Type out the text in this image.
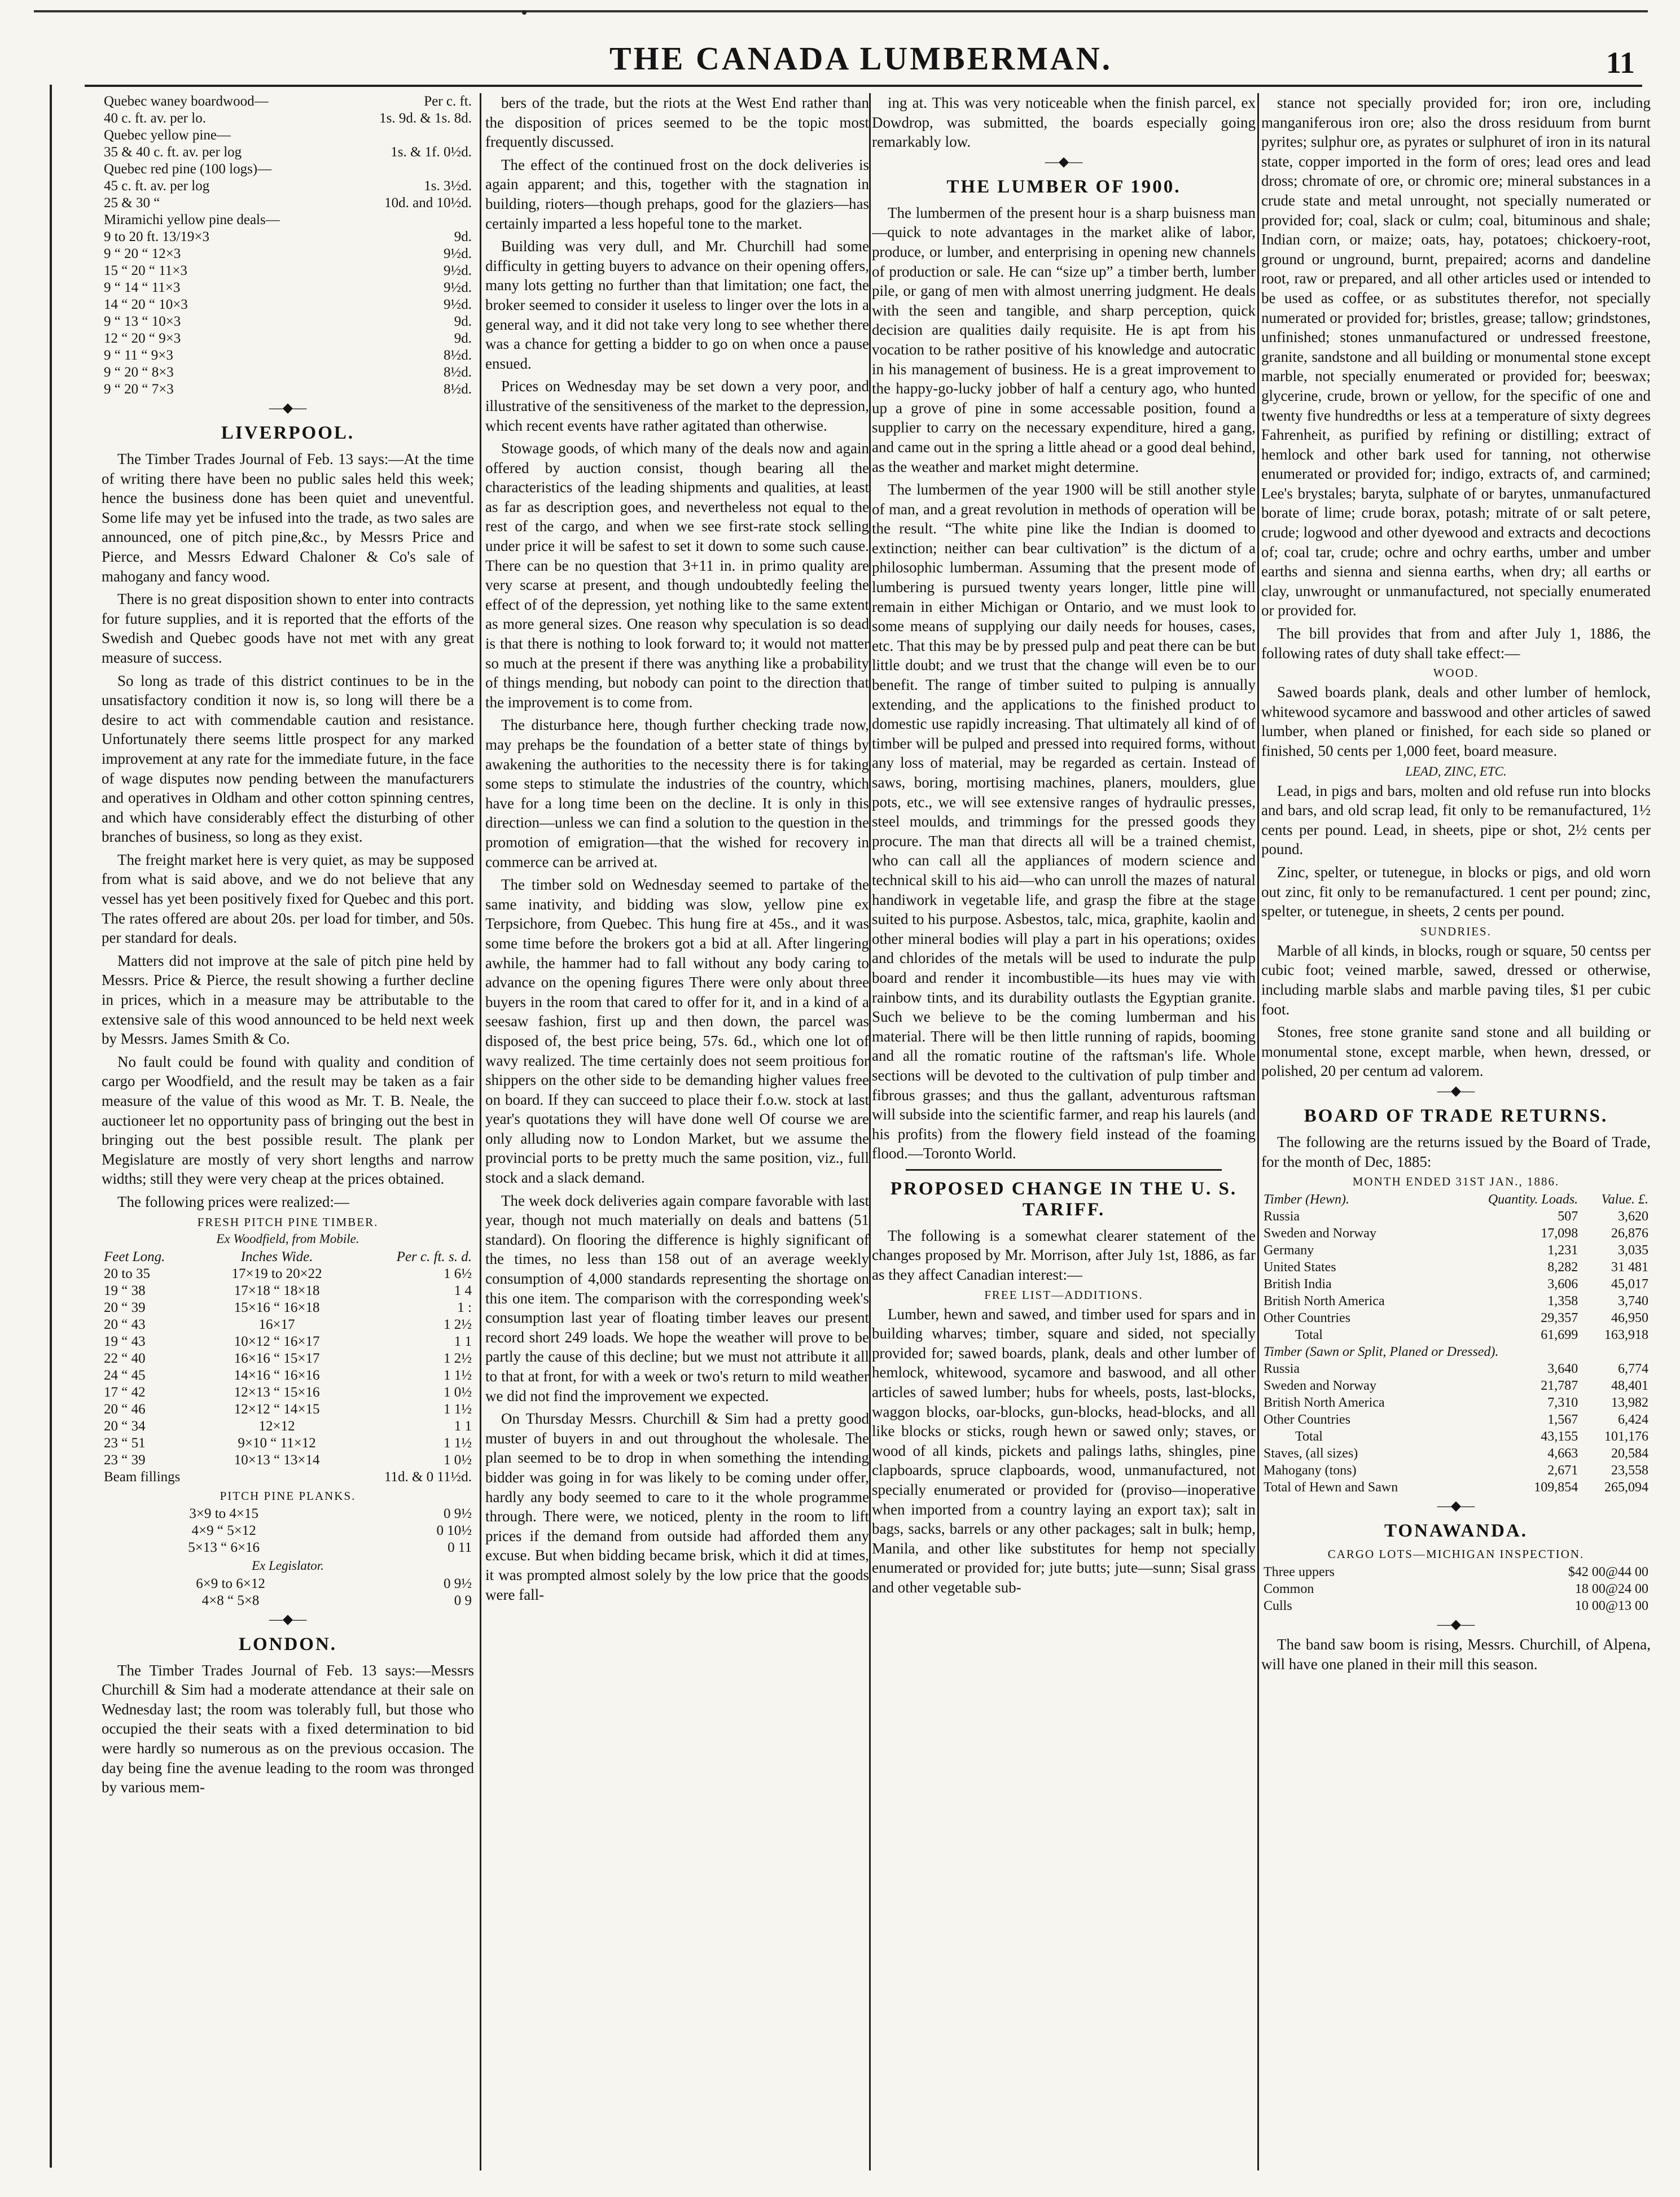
THE CANADA LUMBERMAN.	11
Quebec waney boardwood—	Per c. ft.
40 c. ft. av. per lo.	1s. 9d. & 1s. 8d.
Quebec yellow pine—	
35 & 40 c. ft. av. per log	1s. & 1f. 0½d.
Quebec red pine (100 logs)—	
45 c. ft. av. per log	1s. 3½d.
25 & 30 “	10d. and 10½d.
Miramichi yellow pine deals—	
9 to 20 ft. 13/19×3	9d.
9 “ 20 “ 12×3	9½d.
15 “ 20 “ 11×3	9½d.
9 “ 14 “ 11×3	9½d.
14 “ 20 “ 10×3	9½d.
9 “ 13 “ 10×3	9d.
12 “ 20 “ 9×3	9d.
9 “ 11 “ 9×3	8½d.
9 “ 20 “ 8×3	8½d.
9 “ 20 “ 7×3	8½d.
—◆—
LIVERPOOL.

The Timber Trades Journal of Feb. 13 says:—At the time of writing there have been no public sales held this week; hence the business done has been quiet and uneventful. Some life may yet be infused into the trade, as two sales are announced, one of pitch pine,&c., by Messrs Price and Pierce, and Messrs Edward Chaloner & Co's sale of mahogany and fancy wood.

There is no great disposition shown to enter into contracts for future supplies, and it is reported that the efforts of the Swedish and Quebec goods have not met with any great measure of success.

So long as trade of this district continues to be in the unsatisfactory condition it now is, so long will there be a desire to act with commendable caution and resistance. Unfortunately there seems little prospect for any marked improvement at any rate for the immediate future, in the face of wage disputes now pending between the manufacturers and operatives in Oldham and other cotton spinning centres, and which have considerably effect the disturbing of other branches of business, so long as they exist.

The freight market here is very quiet, as may be supposed from what is said above, and we do not believe that any vessel has yet been positively fixed for Quebec and this port. The rates offered are about 20s. per load for timber, and 50s. per standard for deals.

Matters did not improve at the sale of pitch pine held by Messrs. Price & Pierce, the result showing a further decline in prices, which in a measure may be attributable to the extensive sale of this wood announced to be held next week by Messrs. James Smith & Co.

No fault could be found with quality and condition of cargo per Woodfield, and the result may be taken as a fair measure of the value of this wood as Mr. T. B. Neale, the auctioneer let no opportunity pass of bringing out the best in bringing out the best possible result. The plank per Megislature are mostly of very short lengths and narrow widths; still they were very cheap at the prices obtained.

The following prices were realized:—

FRESH PITCH PINE TIMBER.
Ex Woodfield, from Mobile.
Feet Long.	Inches Wide.	Per c. ft. s. d.
20 to 35	17×19 to 20×22	1 6½
19 “ 38	17×18 “ 18×18	1 4
20 “ 39	15×16 “ 16×18	1 :
20 “ 43	16×17	1 2½
19 “ 43	10×12 “ 16×17	1 1
22 “ 40	16×16 “ 15×17	1 2½
24 “ 45	14×16 “ 16×16	1 1½
17 “ 42	12×13 “ 15×16	1 0½
20 “ 46	12×12 “ 14×15	1 1½
20 “ 34	12×12	1 1
23 “ 51	9×10 “ 11×12	1 1½
23 “ 39	10×13 “ 13×14	1 0½
Beam fillings	11d. & 0 11½d.
PITCH PINE PLANKS.
3×9 to 4×15	0 9½
4×9 “ 5×12	0 10½
5×13 “ 6×16	0 11
Ex Legislator.
6×9 to 6×12	0 9½
4×8 “ 5×8	0 9
—◆—
LONDON.

The Timber Trades Journal of Feb. 13 says:—Messrs Churchill & Sim had a moderate attendance at their sale on Wednesday last; the room was tolerably full, but those who occupied the their seats with a fixed determination to bid were hardly so numerous as on the previous occasion. The day being fine the avenue leading to the room was thronged by various mem-

bers of the trade, but the riots at the West End rather than the disposition of prices seemed to be the topic most frequently discussed.

The effect of the continued frost on the dock deliveries is again apparent; and this, together with the stagnation in building, rioters—though prehaps, good for the glaziers—has certainly imparted a less hopeful tone to the market.

Building was very dull, and Mr. Churchill had some difficulty in getting buyers to advance on their opening offers, many lots getting no further than that limitation; one fact, the broker seemed to consider it useless to linger over the lots in a general way, and it did not take very long to see whether there was a chance for getting a bidder to go on when once a pause ensued.

Prices on Wednesday may be set down a very poor, and illustrative of the sensitiveness of the market to the depression, which recent events have rather agitated than otherwise.

Stowage goods, of which many of the deals now and again offered by auction consist, though bearing all the characteristics of the leading shipments and qualities, at least as far as description goes, and nevertheless not equal to the rest of the cargo, and when we see first-rate stock selling under price it will be safest to set it down to some such cause. There can be no question that 3+11 in. in primo quality are very scarse at present, and though undoubtedly feeling the effect of of the depression, yet nothing like to the same extent as more general sizes. One reason why speculation is so dead is that there is nothing to look forward to; it would not matter so much at the present if there was anything like a probability of things mending, but nobody can point to the direction that the improvement is to come from.

The disturbance here, though further checking trade now, may prehaps be the foundation of a better state of things by awakening the authorities to the necessity there is for taking some steps to stimulate the industries of the country, which have for a long time been on the decline. It is only in this direction—unless we can find a solution to the question in the promotion of emigration—that the wished for recovery in commerce can be arrived at.

The timber sold on Wednesday seemed to partake of the same inativity, and bidding was slow, yellow pine ex Terpsichore, from Quebec. This hung fire at 45s., and it was some time before the brokers got a bid at all. After lingering awhile, the hammer had to fall without any body caring to advance on the opening figures There were only about three buyers in the room that cared to offer for it, and in a kind of a seesaw fashion, first up and then down, the parcel was disposed of, the best price being, 57s. 6d., which one lot of wavy realized. The time certainly does not seem proitious for shippers on the other side to be demanding higher values free on board. If they can succeed to place their f.o.w. stock at last year's quotations they will have done well Of course we are only alluding now to London Market, but we assume the provincial ports to be pretty much the same position, viz., full stock and a slack demand.

The week dock deliveries again compare favorable with last year, though not much materially on deals and battens (51 standard). On flooring the difference is highly significant of the times, no less than 158 out of an average weekly consumption of 4,000 standards representing the shortage on this one item. The comparison with the corresponding week's consumption last year of floating timber leaves our present record short 249 loads. We hope the weather will prove to be partly the cause of this decline; but we must not attribute it all to that at front, for with a week or two's return to mild weather we did not find the improvement we expected.

On Thursday Messrs. Churchill & Sim had a pretty good muster of buyers in and out throughout the wholesale. The plan seemed to be to drop in when something the intending bidder was going in for was likely to be coming under offer, hardly any body seemed to care to it the whole programme through. There were, we noticed, plenty in the room to lift prices if the demand from outside had afforded them any excuse. But when bidding became brisk, which it did at times, it was prompted almost solely by the low price that the goods were fall-

ing at. This was very noticeable when the finish parcel, ex Dowdrop, was submitted, the boards especially going remarkably low.

—◆—
THE LUMBER OF 1900.

The lumbermen of the present hour is a sharp buisness man—quick to note advantages in the market alike of labor, produce, or lumber, and enterprising in opening new channels of production or sale. He can “size up” a timber berth, lumber pile, or gang of men with almost unerring judgment. He deals with the seen and tangible, and sharp perception, quick decision are qualities daily requisite. He is apt from his vocation to be rather positive of his knowledge and autocratic in his management of business. He is a great improvement to the happy-go-lucky jobber of half a century ago, who hunted up a grove of pine in some accessable position, found a supplier to carry on the necessary expenditure, hired a gang, and came out in the spring a little ahead or a good deal behind, as the weather and market might determine.

The lumbermen of the year 1900 will be still another style of man, and a great revolution in methods of operation will be the result. “The white pine like the Indian is doomed to extinction; neither can bear cultivation” is the dictum of a philosophic lumberman. Assuming that the present mode of lumbering is pursued twenty years longer, little pine will remain in either Michigan or Ontario, and we must look to some means of supplying our daily needs for houses, cases, etc. That this may be by pressed pulp and peat there can be but little doubt; and we trust that the change will even be to our benefit. The range of timber suited to pulping is annually extending, and the applications to the finished product to domestic use rapidly increasing. That ultimately all kind of of timber will be pulped and pressed into required forms, without any loss of material, may be regarded as certain. Instead of saws, boring, mortising machines, planers, moulders, glue pots, etc., we will see extensive ranges of hydraulic presses, steel moulds, and trimmings for the pressed goods they procure. The man that directs all will be a trained chemist, who can call all the appliances of modern science and technical skill to his aid—who can unroll the mazes of natural handiwork in vegetable life, and grasp the fibre at the stage suited to his purpose. Asbestos, talc, mica, graphite, kaolin and other mineral bodies will play a part in his operations; oxides and chlorides of the metals will be used to indurate the pulp board and render it incombustible—its hues may vie with rainbow tints, and its durability outlasts the Egyptian granite. Such we believe to be the coming lumberman and his material. There will be then little running of rapids, booming and all the romatic routine of the raftsman's life. Whole sections will be devoted to the cultivation of pulp timber and fibrous grasses; and thus the gallant, adventurous raftsman will subside into the scientific farmer, and reap his laurels (and his profits) from the flowery field instead of the foaming flood.—Toronto World.

PROPOSED CHANGE IN THE U. S. TARIFF.

The following is a somewhat clearer statement of the changes proposed by Mr. Morrison, after July 1st, 1886, as far as they affect Canadian interest:—

FREE LIST—ADDITIONS.

Lumber, hewn and sawed, and timber used for spars and in building wharves; timber, square and sided, not specially provided for; sawed boards, plank, deals and other lumber of hemlock, whitewood, sycamore and baswood, and all other articles of sawed lumber; hubs for wheels, posts, last-blocks, waggon blocks, oar-blocks, gun-blocks, head-blocks, and all like blocks or sticks, rough hewn or sawed only; staves, or wood of all kinds, pickets and palings laths, shingles, pine clapboards, spruce clapboards, wood, unmanufactured, not specially enumerated or provided for (proviso—inoperative when imported from a country laying an export tax); salt in bags, sacks, barrels or any other packages; salt in bulk; hemp, Manila, and other like substitutes for hemp not specially enumerated or provided for; jute butts; jute—sunn; Sisal grass and other vegetable sub-

stance not specially provided for; iron ore, including manganiferous iron ore; also the dross residuum from burnt pyrites; sulphur ore, as pyrates or sulphuret of iron in its natural state, copper imported in the form of ores; lead ores and lead dross; chromate of ore, or chromic ore; mineral substances in a crude state and metal unrought, not specially numerated or provided for; coal, slack or culm; coal, bituminous and shale; Indian corn, or maize; oats, hay, potatoes; chickoery-root, ground or unground, burnt, prepaired; acorns and dandeline root, raw or prepared, and all other articles used or intended to be used as coffee, or as substitutes therefor, not specially numerated or provided for; bristles, grease; tallow; grindstones, unfinished; stones unmanufactured or undressed freestone, granite, sandstone and all building or monumental stone except marble, not specially enumerated or provided for; beeswax; glycerine, crude, brown or yellow, for the specific of one and twenty five hundredths or less at a temperature of sixty degrees Fahrenheit, as purified by refining or distilling; extract of hemlock and other bark used for tanning, not otherwise enumerated or provided for; indigo, extracts of, and carmined; Lee's brystales; baryta, sulphate of or barytes, unmanufactured borate of lime; crude borax, potash; mitrate of or salt petere, crude; logwood and other dyewood and extracts and decoctions of; coal tar, crude; ochre and ochry earths, umber and umber earths and sienna and sienna earths, when dry; all earths or clay, unwrought or unmanufactured, not specially enumerated or provided for.

The bill provides that from and after July 1, 1886, the following rates of duty shall take effect:—

WOOD.

Sawed boards plank, deals and other lumber of hemlock, whitewood sycamore and basswood and other articles of sawed lumber, when planed or finished, for each side so planed or finished, 50 cents per 1,000 feet, board measure.

LEAD, ZINC, ETC.

Lead, in pigs and bars, molten and old refuse run into blocks and bars, and old scrap lead, fit only to be remanufactured, 1½ cents per pound. Lead, in sheets, pipe or shot, 2½ cents per pound.

Zinc, spelter, or tutenegue, in blocks or pigs, and old worn out zinc, fit only to be remanufactured. 1 cent per pound; zinc, spelter, or tutenegue, in sheets, 2 cents per pound.

SUNDRIES.

Marble of all kinds, in blocks, rough or square, 50 centss per cubic foot; veined marble, sawed, dressed or otherwise, including marble slabs and marble paving tiles, $1 per cubic foot.

Stones, free stone granite sand stone and all building or monumental stone, except marble, when hewn, dressed, or polished, 20 per centum ad valorem.

—◆—
BOARD OF TRADE RETURNS.

The following are the returns issued by the Board of Trade, for the month of Dec, 1885:

MONTH ENDED 31ST JAN., 1886.
Timber (Hewn).	Quantity. Loads.	Value. £.
Russia	507	3,620
Sweden and Norway	17,098	26,876
Germany	1,231	3,035
United States	8,282	31 481
British India	3,606	45,017
British North America	1,358	3,740
Other Countries	29,357	46,950
Total	61,699	163,918
Timber (Sawn or Split, Planed or Dressed).		
Russia	3,640	6,774
Sweden and Norway	21,787	48,401
British North America	7,310	13,982
Other Countries	1,567	6,424
Total	43,155	101,176
Staves, (all sizes)	4,663	20,584
Mahogany (tons)	2,671	23,558
Total of Hewn and Sawn	109,854	265,094
—◆—
TONAWANDA.
CARGO LOTS—MICHIGAN INSPECTION.
Three uppers	$42 00@44 00
Common	18 00@24 00
Culls	10 00@13 00
—◆—

The band saw boom is rising, Messrs. Churchill, of Alpena, will have one planed in their mill this season.
